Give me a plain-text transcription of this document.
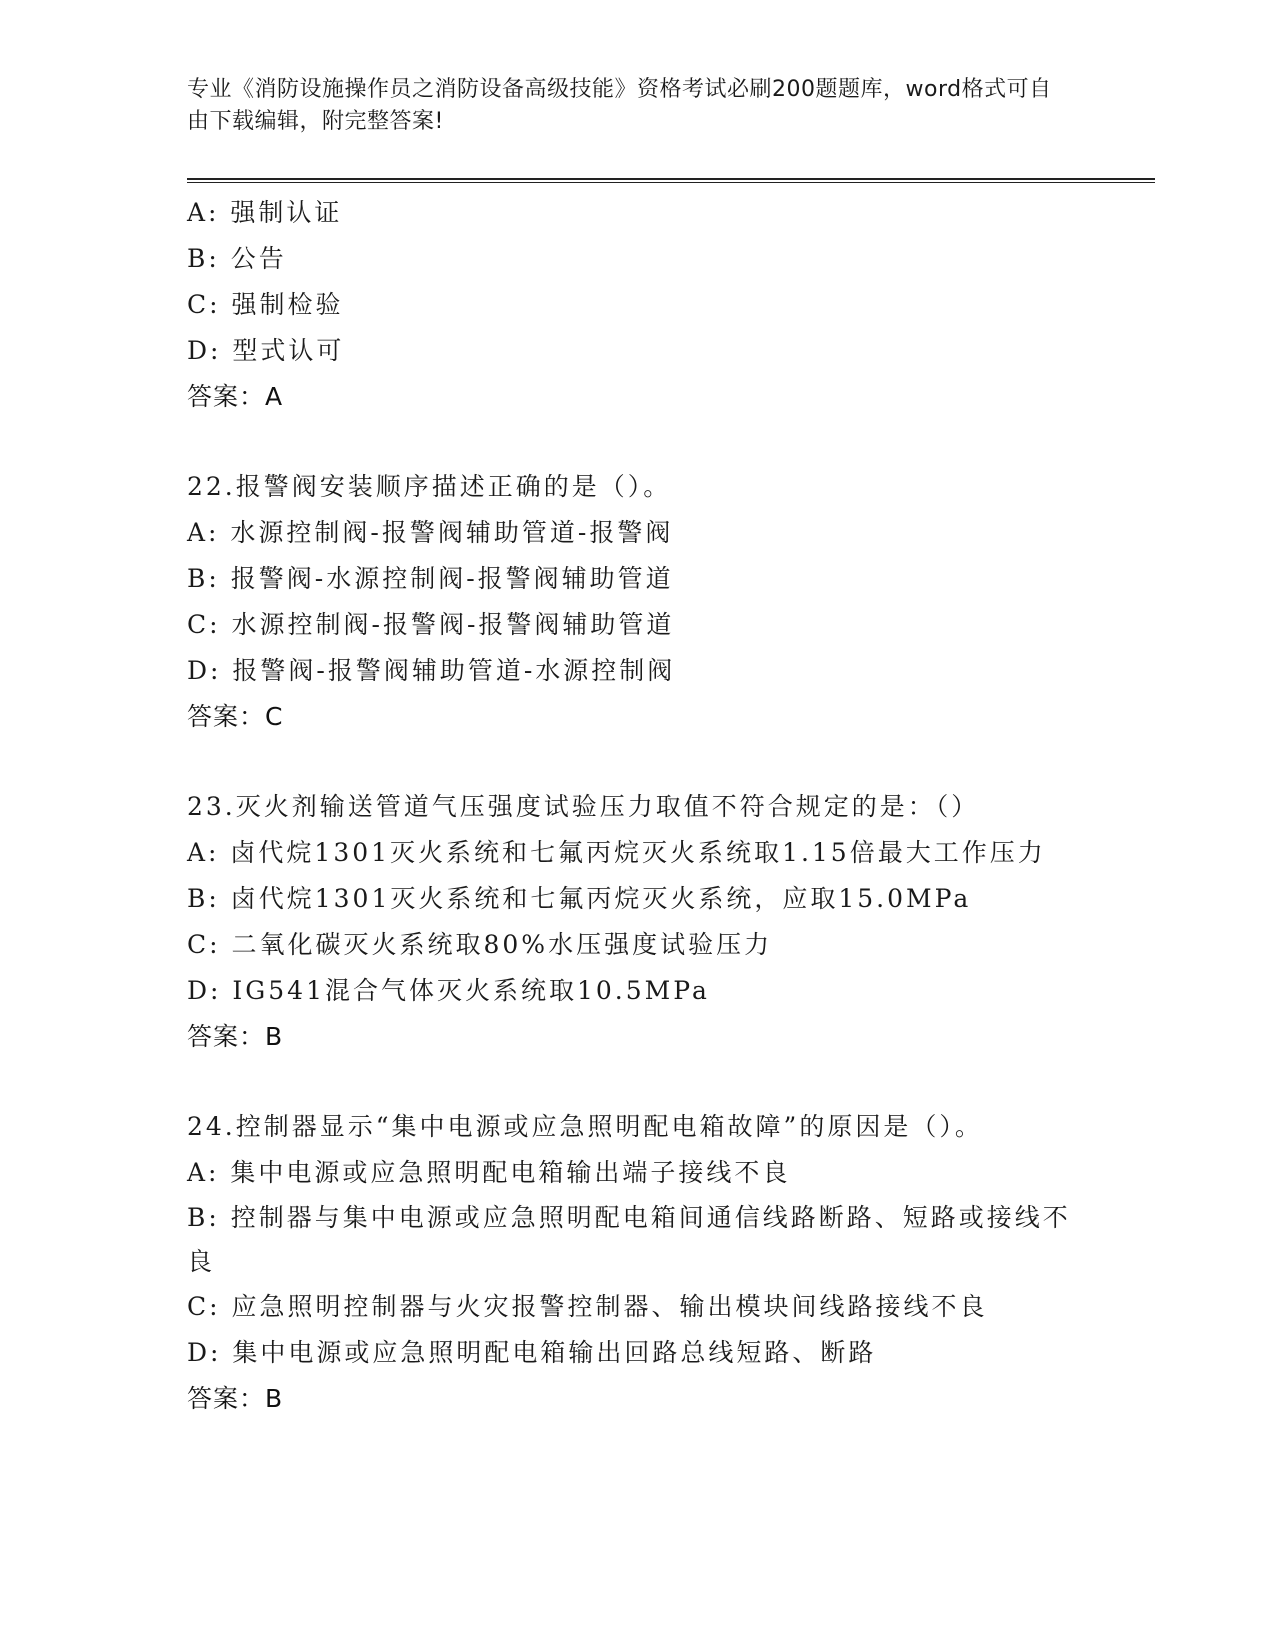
专业《消防设施操作员之消防设备高级技能》资格考试必刷200题题库，word格式可自由下载编辑，附完整答案!
A: 强制认证
B: 公告
C: 强制检验
D: 型式认可
答案：A
22.报警阀安装顺序描述正确的是（）。
A: 水源控制阀-报警阀辅助管道-报警阀
B: 报警阀-水源控制阀-报警阀辅助管道
C: 水源控制阀-报警阀-报警阀辅助管道
D: 报警阀-报警阀辅助管道-水源控制阀
答案：C
23.灭火剂输送管道气压强度试验压力取值不符合规定的是：（）
A: 卤代烷1301灭火系统和七氟丙烷灭火系统取1.15倍最大工作压力
B: 卤代烷1301灭火系统和七氟丙烷灭火系统，应取15.0MPa
C: 二氧化碳灭火系统取80%水压强度试验压力
D: IG541混合气体灭火系统取10.5MPa
答案：B
24.控制器显示“集中电源或应急照明配电箱故障”的原因是（）。
A: 集中电源或应急照明配电箱输出端子接线不良
B: 控制器与集中电源或应急照明配电箱间通信线路断路、短路或接线不良
C: 应急照明控制器与火灾报警控制器、输出模块间线路接线不良
D: 集中电源或应急照明配电箱输出回路总线短路、断路
答案：B
